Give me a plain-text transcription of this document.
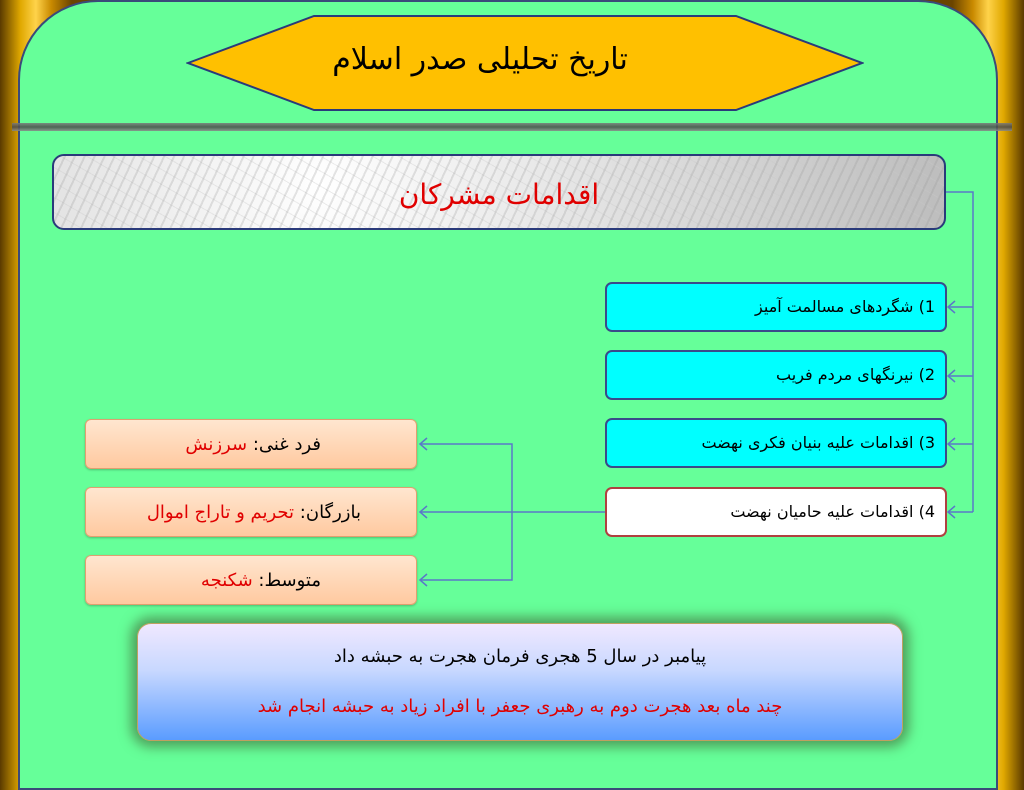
تاریخ تحلیلی صدر اسلام
اقدامات مشرکان
1) شگردهای مسالمت آمیز
2) نیرنگهای مردم فریب
3) اقدامات علیه بنیان فکری نهضت
4) اقدامات علیه حامیان نهضت
فرد غنی: سرزنش
بازرگان: تحریم و تاراج اموال
متوسط: شکنجه
پیامبر در سال 5 هجری فرمان هجرت به حبشه داد
چند ماه بعد هجرت دوم به رهبری جعفر با افراد زیاد به حبشه انجام شد
